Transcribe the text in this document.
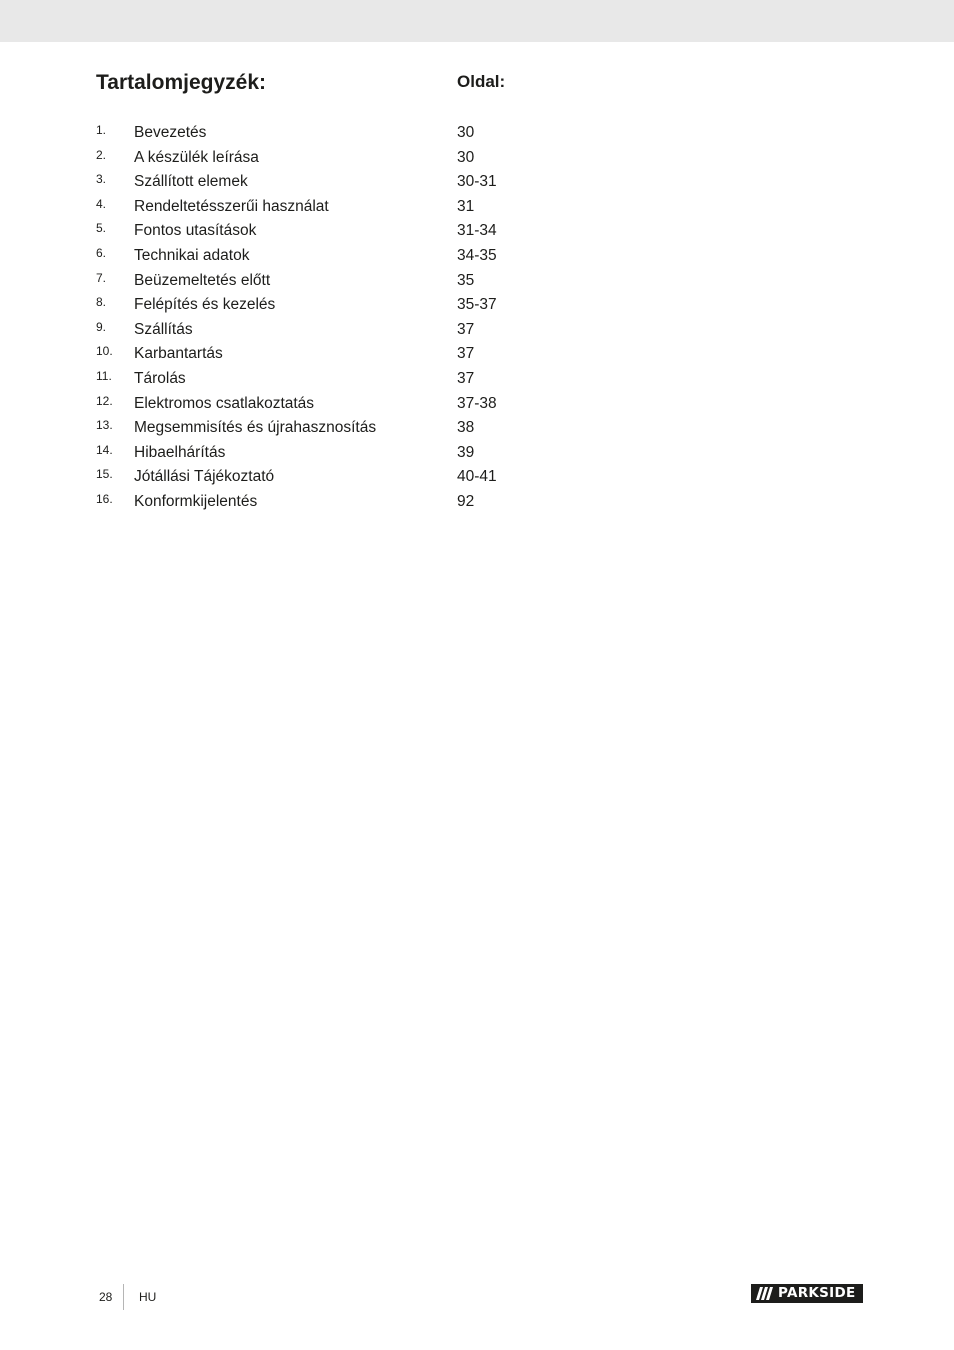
Tartalomjegyzék:	Oldal:
1. Bevezetés	30
2. A készülék leírása	30
3. Szállított elemek	30-31
4. Rendeltetésszerűi használat	31
5. Fontos utasítások	31-34
6. Technikai adatok	34-35
7. Beüzemeltetés előtt	35
8. Felépítés és kezelés	35-37
9. Szállítás	37
10. Karbantartás	37
11. Tárolás	37
12. Elektromos csatlakoztatás	37-38
13. Megsemmisítés és újrahasznosítás	38
14. Hibaelhárítás	39
15. Jótállási Tájékoztató	40-41
16. Konformkijelentés	92
28 HU	PARKSIDE
